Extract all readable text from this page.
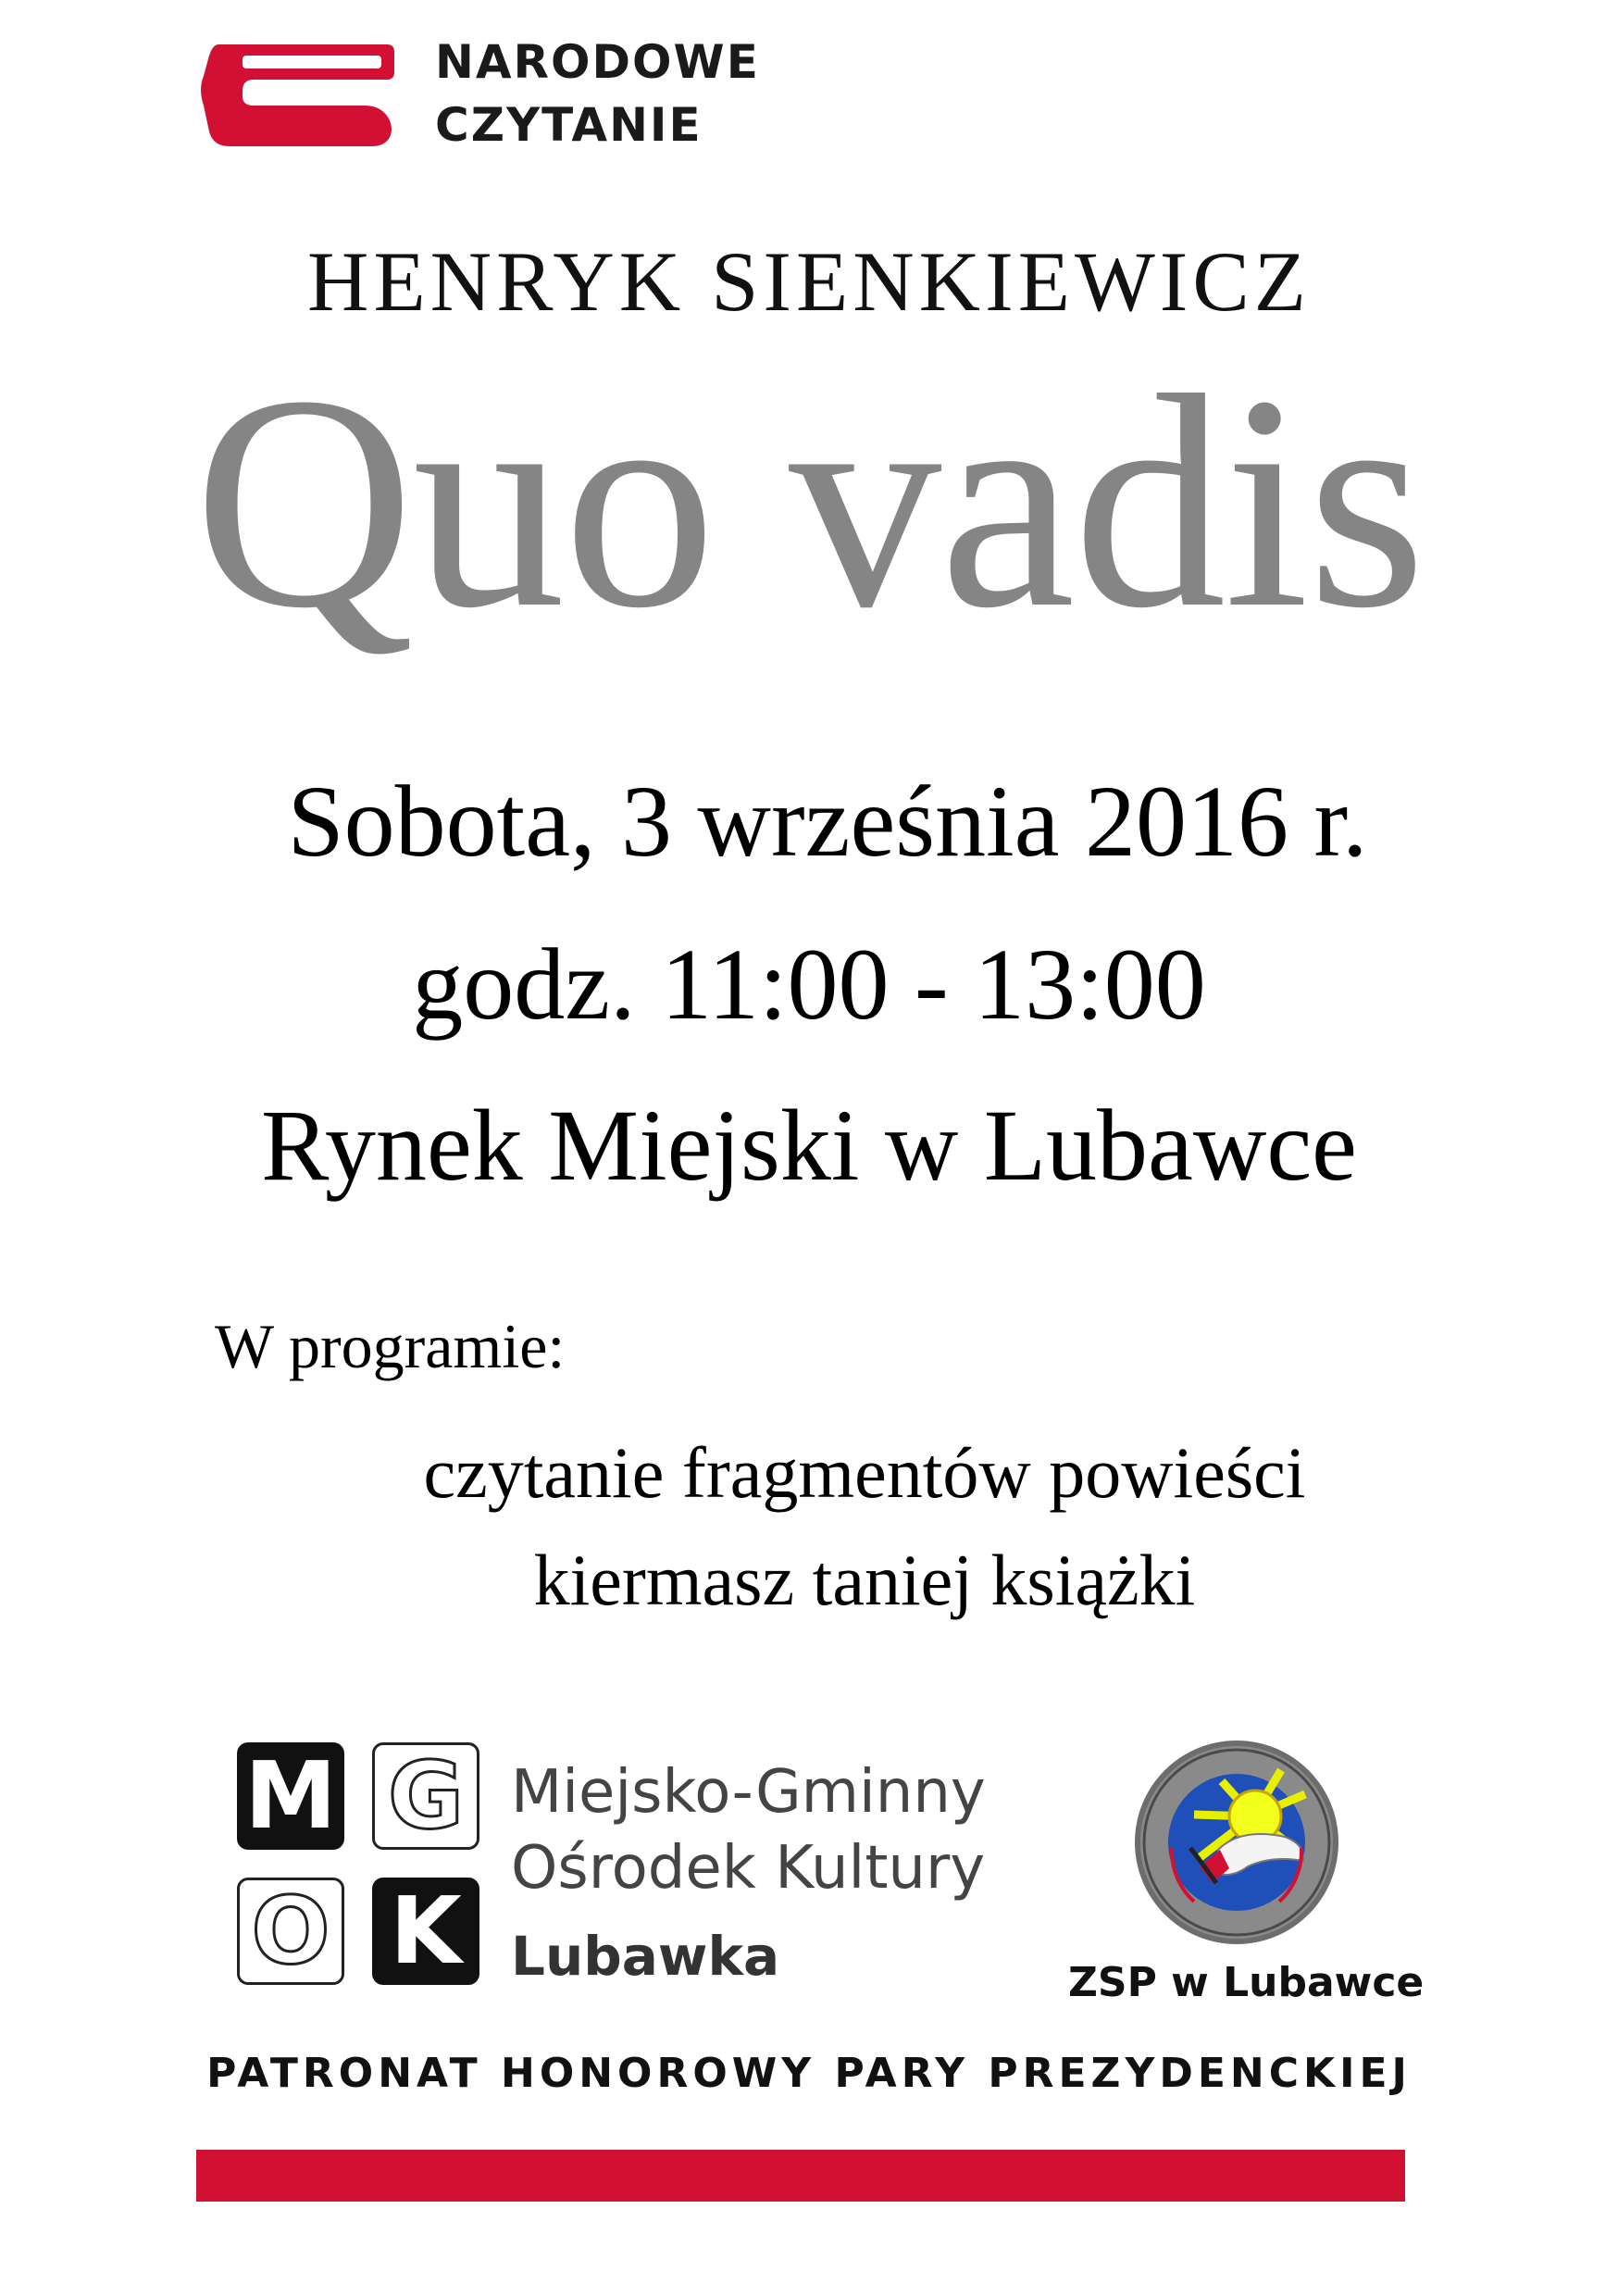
NARODOWE
CZYTANIE
HENRYK SIENKIEWICZ
Quo vadis
Sobota, 3 września 2016 r.
godz. 11:00 - 13:00
Rynek Miejski w Lubawce
W programie:
czytanie fragmentów powieści
kiermasz taniej książki
M G
O K
Miejsko-Gminny
Ośrodek Kultury
Lubawka	ZSP w Lubawce
PATRONAT HONOROWY PARY PREZYDENCKIEJ
